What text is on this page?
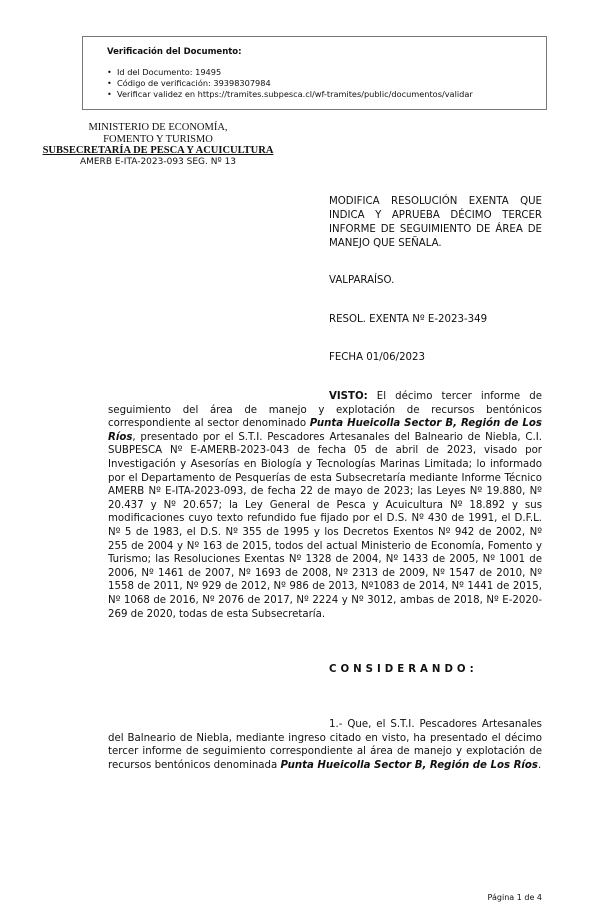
Verificación del Documento:
• Id del Documento: 19495
• Código de verificación: 39398307984
• Verificar validez en https://tramites.subpesca.cl/wf-tramites/public/documentos/validar
MINISTERIO DE ECONOMÍA,
FOMENTO Y TURISMO
SUBSECRETARÍA DE PESCA Y ACUICULTURA
AMERB E-ITA-2023-093 SEG. Nº 13
MODIFICA RESOLUCIÓN EXENTA QUE INDICA Y APRUEBA DÉCIMO TERCER INFORME DE SEGUIMIENTO DE ÁREA DE MANEJO QUE SEÑALA.
VALPARAÍSO.
RESOL. EXENTA Nº E-2023-349
FECHA 01/06/2023

VISTO: El décimo tercer informe de seguimiento del área de manejo y explotación de recursos bentónicos correspondiente al sector denominado Punta Hueicolla Sector B, Región de Los Ríos, presentado por el S.T.I. Pescadores Artesanales del Balneario de Niebla, C.I. SUBPESCA Nº E-AMERB-2023-043 de fecha 05 de abril de 2023, visado por Investigación y Asesorías en Biología y Tecnologías Marinas Limitada; lo informado por el Departamento de Pesquerías de esta Subsecretaría mediante Informe Técnico AMERB Nº E-ITA-2023-093, de fecha 22 de mayo de 2023; las Leyes Nº 19.880, Nº 20.437 y Nº 20.657; la Ley General de Pesca y Acuicultura Nº 18.892 y sus modificaciones cuyo texto refundido fue fijado por el D.S. Nº 430 de 1991, el D.F.L. Nº 5 de 1983, el D.S. Nº 355 de 1995 y los Decretos Exentos Nº 942 de 2002, Nº 255 de 2004 y Nº 163 de 2015, todos del actual Ministerio de Economía, Fomento y Turismo; las Resoluciones Exentas Nº 1328 de 2004, Nº 1433 de 2005, Nº 1001 de 2006, Nº 1461 de 2007, Nº 1693 de 2008, Nº 2313 de 2009, Nº 1547 de 2010, Nº 1558 de 2011, Nº 929 de 2012, Nº 986 de 2013, Nº1083 de 2014, Nº 1441 de 2015, Nº 1068 de 2016, Nº 2076 de 2017, Nº 2224 y Nº 3012, ambas de 2018, Nº E-2020-269 de 2020, todas de esta Subsecretaría.

CONSIDERANDO:

1.- Que, el S.T.I. Pescadores Artesanales del Balneario de Niebla, mediante ingreso citado en visto, ha presentado el décimo tercer informe de seguimiento correspondiente al área de manejo y explotación de recursos bentónicos denominada Punta Hueicolla Sector B, Región de Los Ríos.

Página 1 de 4
